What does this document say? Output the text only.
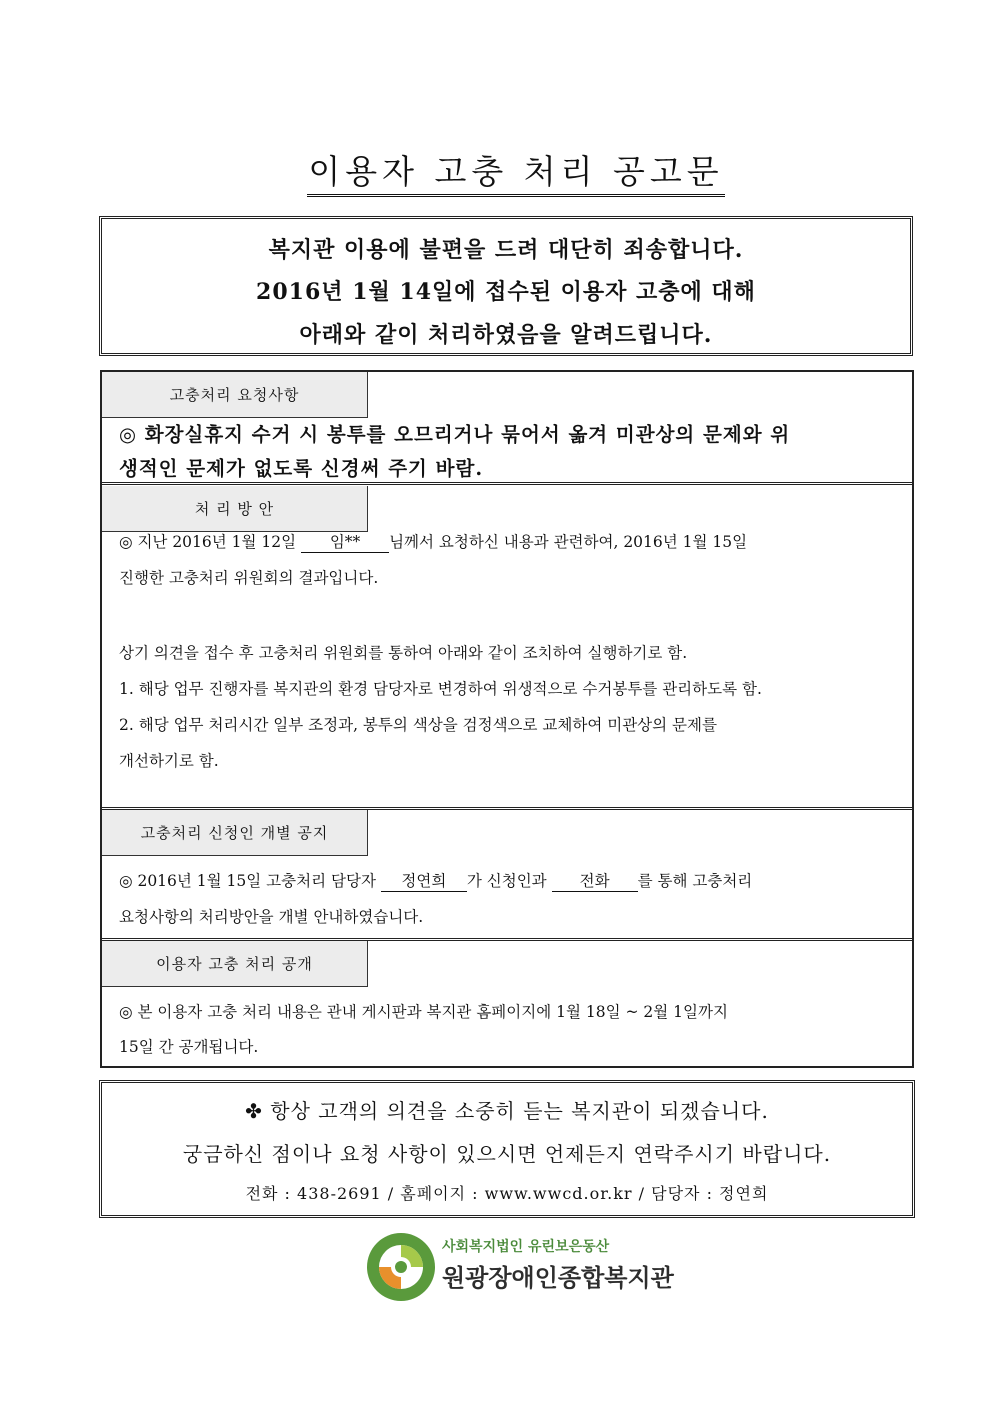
이용자 고충 처리 공고문
복지관 이용에 불편을 드려 대단히 죄송합니다.
2016년 1월 14일에 접수된 이용자 고충에 대해
아래와 같이 처리하였음을 알려드립니다.
고충처리 요청사항
◎ 화장실휴지 수거 시 봉투를 오므리거나 묶어서 옮겨 미관상의 문제와 위
생적인 문제가 없도록 신경써 주기 바람.
처 리 방 안
◎ 지난 2016년 1월 12일 임** 님께서 요청하신 내용과 관련하여, 2016년 1월 15일
진행한 고충처리 위원회의 결과입니다.
상기 의견을 접수 후 고충처리 위원회를 통하여 아래와 같이 조치하여 실행하기로 함.
1. 해당 업무 진행자를 복지관의 환경 담당자로 변경하여 위생적으로 수거봉투를 관리하도록 함.
2. 해당 업무 처리시간 일부 조정과, 봉투의 색상을 검정색으로 교체하여 미관상의 문제를
개선하기로 함.
고충처리 신청인 개별 공지
◎ 2016년 1월 15일 고충처리 담당자 정연희 가 신청인과 전화 를 통해 고충처리
요청사항의 처리방안을 개별 안내하였습니다.
이용자 고충 처리 공개
◎ 본 이용자 고충 처리 내용은 관내 게시판과 복지관 홈페이지에 1월 18일 ~ 2월 1일까지
15일 간 공개됩니다.
✤ 항상 고객의 의견을 소중히 듣는 복지관이 되겠습니다.
궁금하신 점이나 요청 사항이 있으시면 언제든지 연락주시기 바랍니다.
전화 : 438-2691 / 홈페이지 : www.wwcd.or.kr / 담당자 : 정연희
사회복지법인 유린보은동산
원광장애인종합복지관
